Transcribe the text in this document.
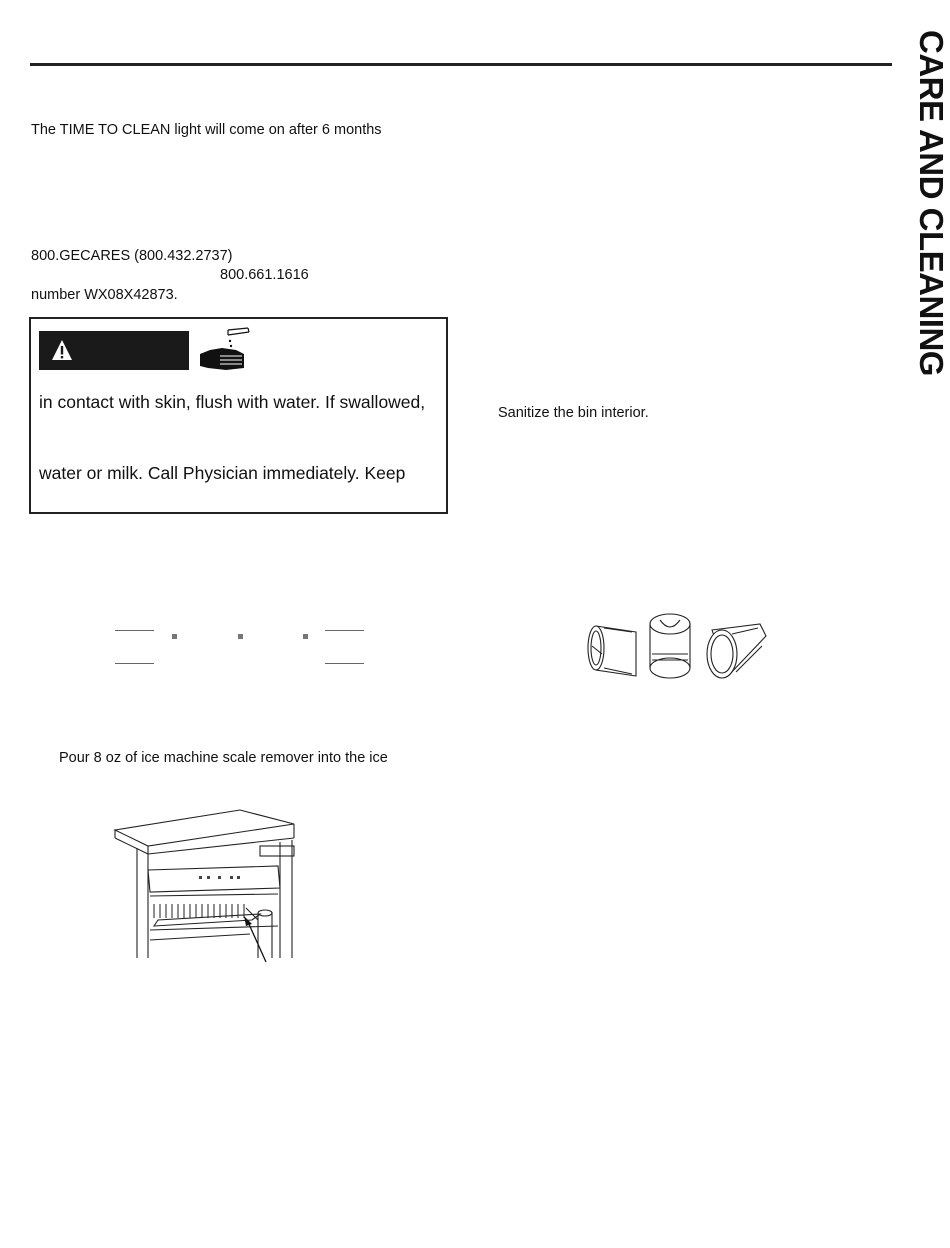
CARE AND CLEANING
The TIME TO CLEAN light will come on after 6 months
800.GECARES (800.432.2737)
800.661.1616
number WX08X42873.
in contact with skin, flush with water. If swallowed,
water or milk. Call Physician immediately. Keep
Pour 8 oz of ice machine scale remover into the ice
Sanitize the bin interior.
